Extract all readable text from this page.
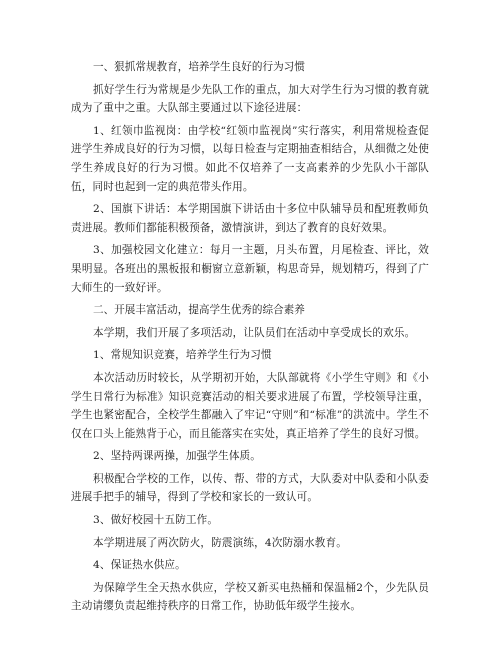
一、狠抓常规教育，培养学生良好的行为习惯

抓好学生行为常规是少先队工作的重点，加大对学生行为习惯的教育就成为了重中之重。大队部主要通过以下途径进展：

1、红领巾监视岗：由学校“红领巾监视岗”实行落实，利用常规检查促进学生养成良好的行为习惯，以每日检查与定期抽查相结合，从细微之处使学生养成良好的行为习惯。如此不仅培养了一支高素养的少先队小干部队伍，同时也起到一定的典范带头作用。

2、国旗下讲话：本学期国旗下讲话由十多位中队辅导员和配班教师负责进展。教师们都能积极预备，激情演讲，到达了教育的良好效果。

3、加强校园文化建立：每月一主题，月头布置，月尾检查、评比，效果明显。各班出的黑板报和橱窗立意新颖，构思奇异，规划精巧，得到了广大师生的一致好评。

二、开展丰富活动，提高学生优秀的综合素养

本学期，我们开展了多项活动，让队员们在活动中享受成长的欢乐。

1、常规知识竞赛，培养学生行为习惯

本次活动历时较长，从学期初开始，大队部就将《小学生守则》和《小学生日常行为标准》知识竞赛活动的相关要求进展了布置，学校领导注重，学生也紧密配合，全校学生都融入了牢记“守则”和“标准”的洪流中。学生不仅在口头上能熟背于心，而且能落实在实处，真正培养了学生的良好习惯。

2、坚持两课两操，加强学生体质。

积极配合学校的工作，以传、帮、带的方式，大队委对中队委和小队委进展手把手的辅导，得到了学校和家长的一致认可。

3、做好校园十五防工作。

本学期进展了两次防火，防震演练，4次防溺水教育。

4、保证热水供应。

为保障学生全天热水供应，学校又新买电热桶和保温桶2个，少先队员主动请缨负责起维持秩序的日常工作，协助低年级学生接水。
